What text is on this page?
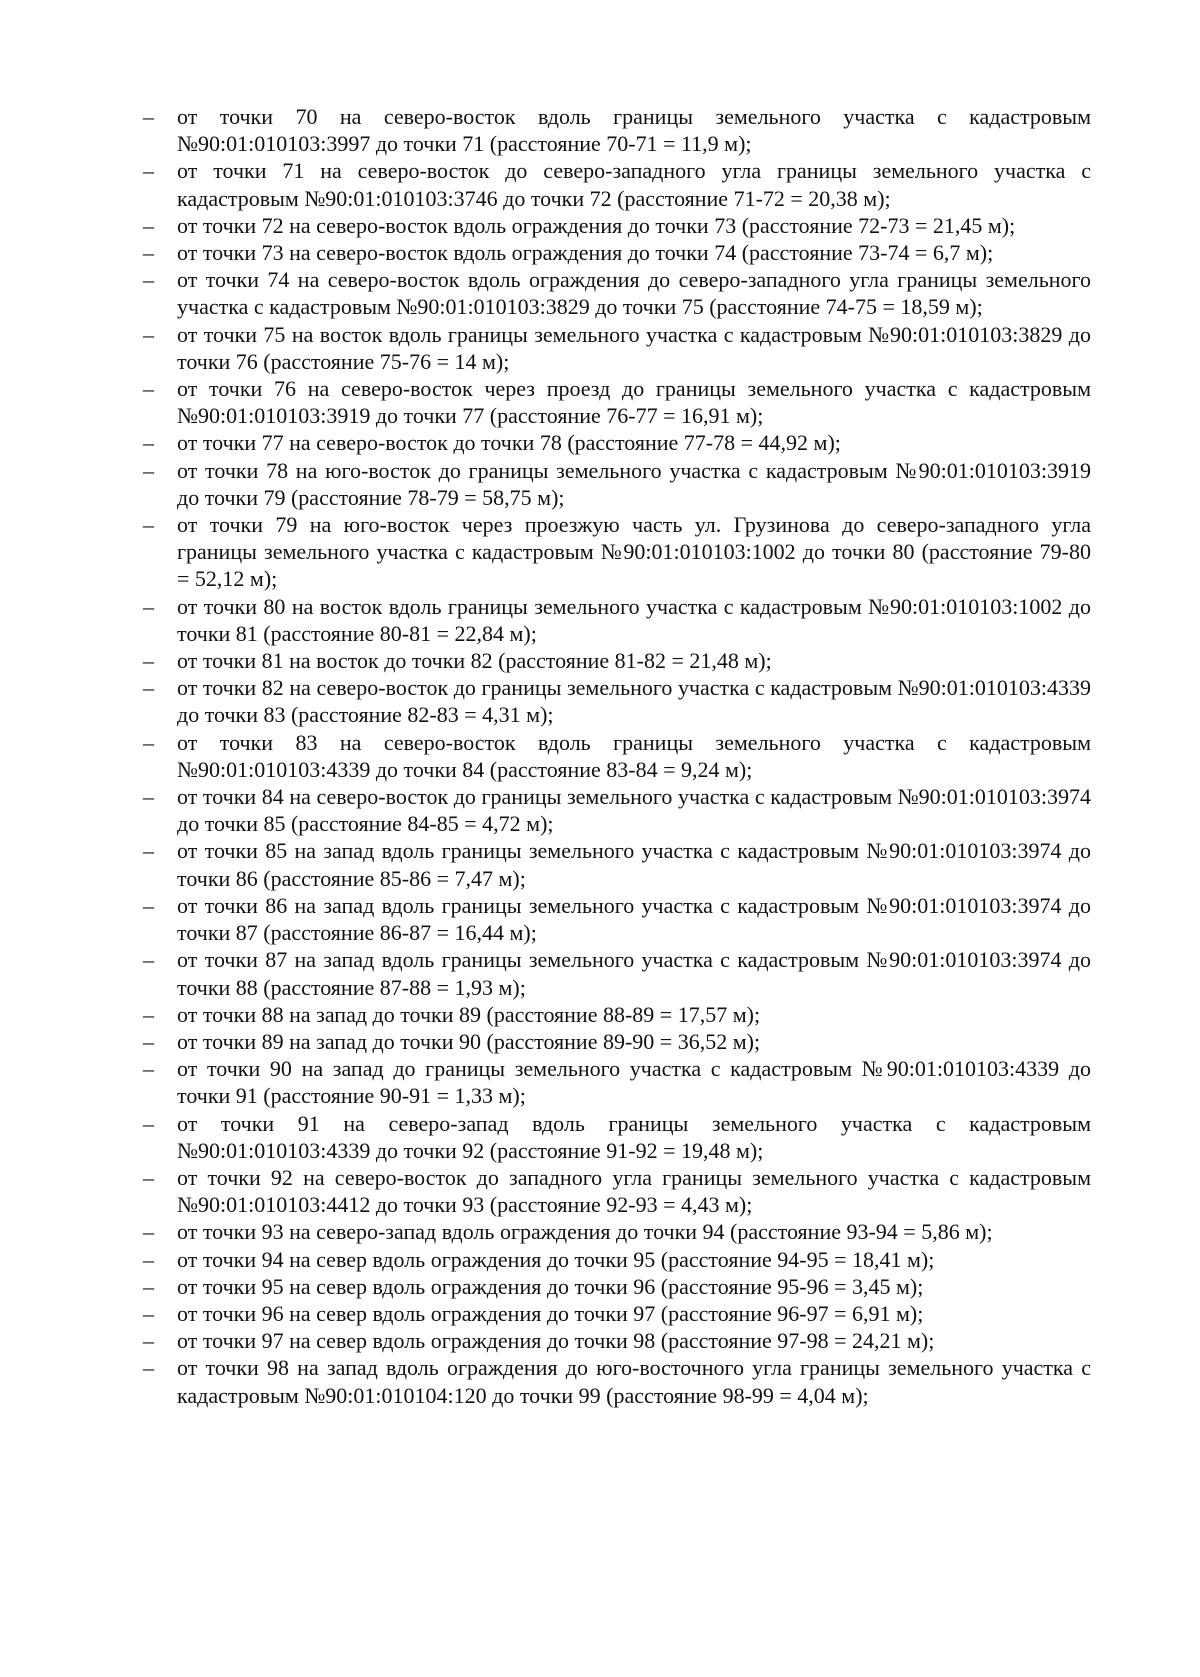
–	от точки 70 на северо-восток вдоль границы земельного участка с кадастровым №90:01:010103:3997 до точки 71 (расстояние 70-71 = 11,9 м);
–	от точки 71 на северо-восток до северо-западного угла границы земельного участка с кадастровым №90:01:010103:3746 до точки 72 (расстояние 71-72 = 20,38 м);
–	от точки 72 на северо-восток вдоль ограждения до точки 73 (расстояние 72-73 = 21,45 м);
–	от точки 73 на северо-восток вдоль ограждения до точки 74 (расстояние 73-74 = 6,7 м);
–	от точки 74 на северо-восток вдоль ограждения до северо-западного угла границы земельного участка с кадастровым №90:01:010103:3829 до точки 75 (расстояние 74-75 = 18,59 м);
–	от точки 75 на восток вдоль границы земельного участка с кадастровым №90:01:010103:3829 до точки 76 (расстояние 75-76 = 14 м);
–	от точки 76 на северо-восток через проезд до границы земельного участка с кадастровым №90:01:010103:3919 до точки 77 (расстояние 76-77 = 16,91 м);
–	от точки 77 на северо-восток до точки 78 (расстояние 77-78 = 44,92 м);
–	от точки 78 на юго-восток до границы земельного участка с кадастровым №90:01:010103:3919 до точки 79 (расстояние 78-79 = 58,75 м);
–	от точки 79 на юго-восток через проезжую часть ул. Грузинова до северо-западного угла границы земельного участка с кадастровым №90:01:010103:1002 до точки 80 (расстояние 79-80 = 52,12 м);
–	от точки 80 на восток вдоль границы земельного участка с кадастровым №90:01:010103:1002 до точки 81 (расстояние 80-81 = 22,84 м);
–	от точки 81 на восток до точки 82 (расстояние 81-82 = 21,48 м);
–	от точки 82 на северо-восток до границы земельного участка с кадастровым №90:01:010103:4339 до точки 83 (расстояние 82-83 = 4,31 м);
–	от точки 83 на северо-восток вдоль границы земельного участка с кадастровым №90:01:010103:4339 до точки 84 (расстояние 83-84 = 9,24 м);
–	от точки 84 на северо-восток до границы земельного участка с кадастровым №90:01:010103:3974 до точки 85 (расстояние 84-85 = 4,72 м);
–	от точки 85 на запад вдоль границы земельного участка с кадастровым №90:01:010103:3974 до точки 86 (расстояние 85-86 = 7,47 м);
–	от точки 86 на запад вдоль границы земельного участка с кадастровым №90:01:010103:3974 до точки 87 (расстояние 86-87 = 16,44 м);
–	от точки 87 на запад вдоль границы земельного участка с кадастровым №90:01:010103:3974 до точки 88 (расстояние 87-88 = 1,93 м);
–	от точки 88 на запад до точки 89 (расстояние 88-89 = 17,57 м);
–	от точки 89 на запад до точки 90 (расстояние 89-90 = 36,52 м);
–	от точки 90 на запад до границы земельного участка с кадастровым №90:01:010103:4339 до точки 91 (расстояние 90-91 = 1,33 м);
–	от точки 91 на северо-запад вдоль границы земельного участка с кадастровым №90:01:010103:4339 до точки 92 (расстояние 91-92 = 19,48 м);
–	от точки 92 на северо-восток до западного угла границы земельного участка с кадастровым №90:01:010103:4412 до точки 93 (расстояние 92-93 = 4,43 м);
–	от точки 93 на северо-запад вдоль ограждения до точки 94 (расстояние 93-94 = 5,86 м);
–	от точки 94 на север вдоль ограждения до точки 95 (расстояние 94-95 = 18,41 м);
–	от точки 95 на север вдоль ограждения до точки 96 (расстояние 95-96 = 3,45 м);
–	от точки 96 на север вдоль ограждения до точки 97 (расстояние 96-97 = 6,91 м);
–	от точки 97 на север вдоль ограждения до точки 98 (расстояние 97-98 = 24,21 м);
–	от точки 98 на запад вдоль ограждения до юго-восточного угла границы земельного участка с кадастровым №90:01:010104:120 до точки 99 (расстояние 98-99 = 4,04 м);
